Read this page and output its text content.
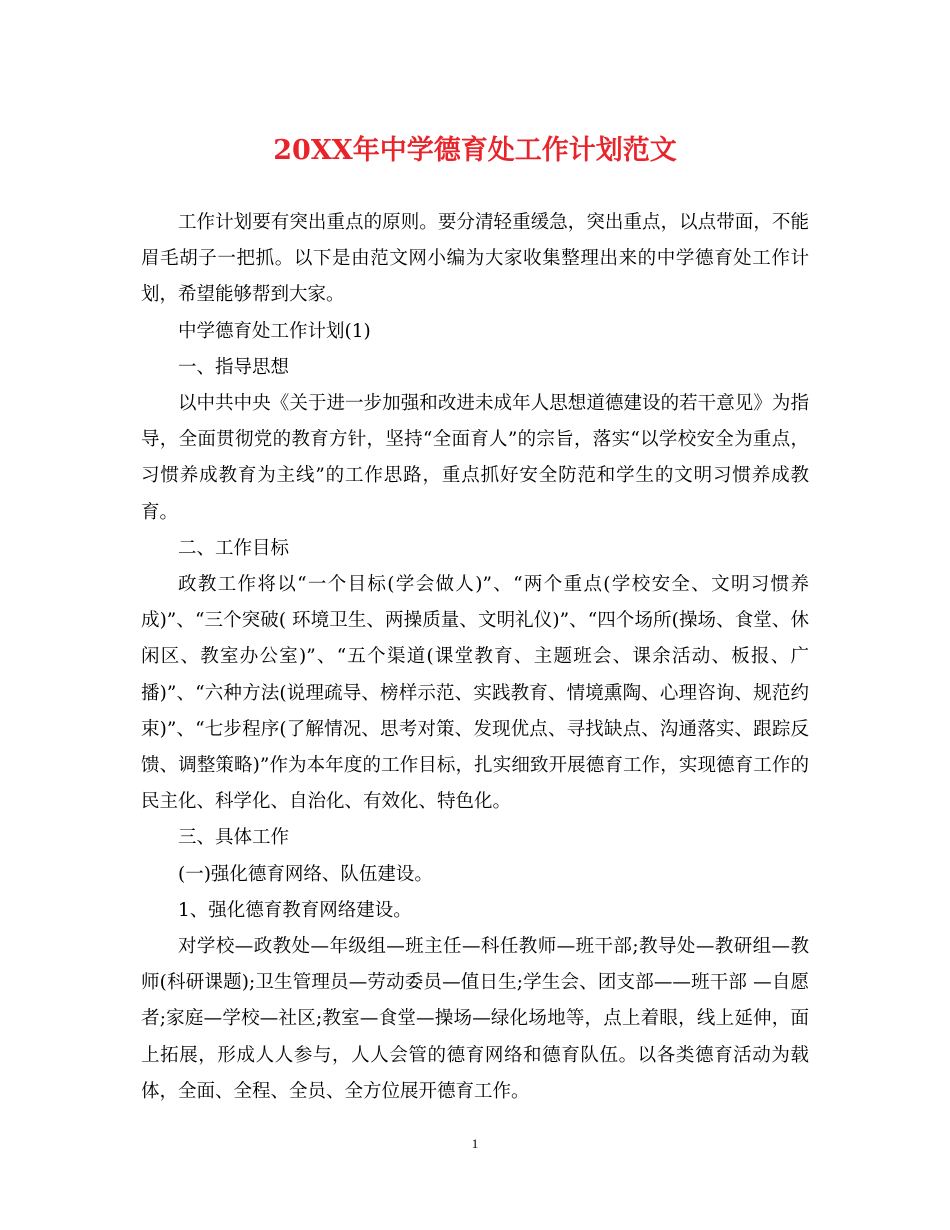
20XX年中学德育处工作计划范文

工作计划要有突出重点的原则。要分清轻重缓急，突出重点，以点带面，不能眉毛胡子一把抓。以下是由范文网小编为大家收集整理出来的中学德育处工作计划，希望能够帮到大家。

中学德育处工作计划(1)

一、指导思想

以中共中央《关于进一步加强和改进未成年人思想道德建设的若干意见》为指导，全面贯彻党的教育方针，坚持“全面育人”的宗旨，落实“以学校安全为重点，习惯养成教育为主线”的工作思路，重点抓好安全防范和学生的文明习惯养成教育。

二、工作目标

政教工作将以“一个目标(学会做人)”、“两个重点(学校安全、文明习惯养成)”、“三个突破( 环境卫生、两操质量、文明礼仪)”、“四个场所(操场、食堂、休闲区、教室办公室)”、“五个渠道(课堂教育、主题班会、课余活动、板报、广播)”、“六种方法(说理疏导、榜样示范、实践教育、情境熏陶、心理咨询、规范约束)”、“七步程序(了解情况、思考对策、发现优点、寻找缺点、沟通落实、跟踪反馈、调整策略)”作为本年度的工作目标，扎实细致开展德育工作，实现德育工作的民主化、科学化、自治化、有效化、特色化。

三、具体工作

(一)强化德育网络、队伍建设。

1、强化德育教育网络建设。

对学校—政教处—年级组—班主任—科任教师—班干部;教导处—教研组—教师(科研课题);卫生管理员—劳动委员—值日生;学生会、团支部——班干部 —自愿者;家庭—学校—社区;教室—食堂—操场—绿化场地等，点上着眼，线上延伸，面上拓展，形成人人参与，人人会管的德育网络和德育队伍。以各类德育活动为载体，全面、全程、全员、全方位展开德育工作。

1
